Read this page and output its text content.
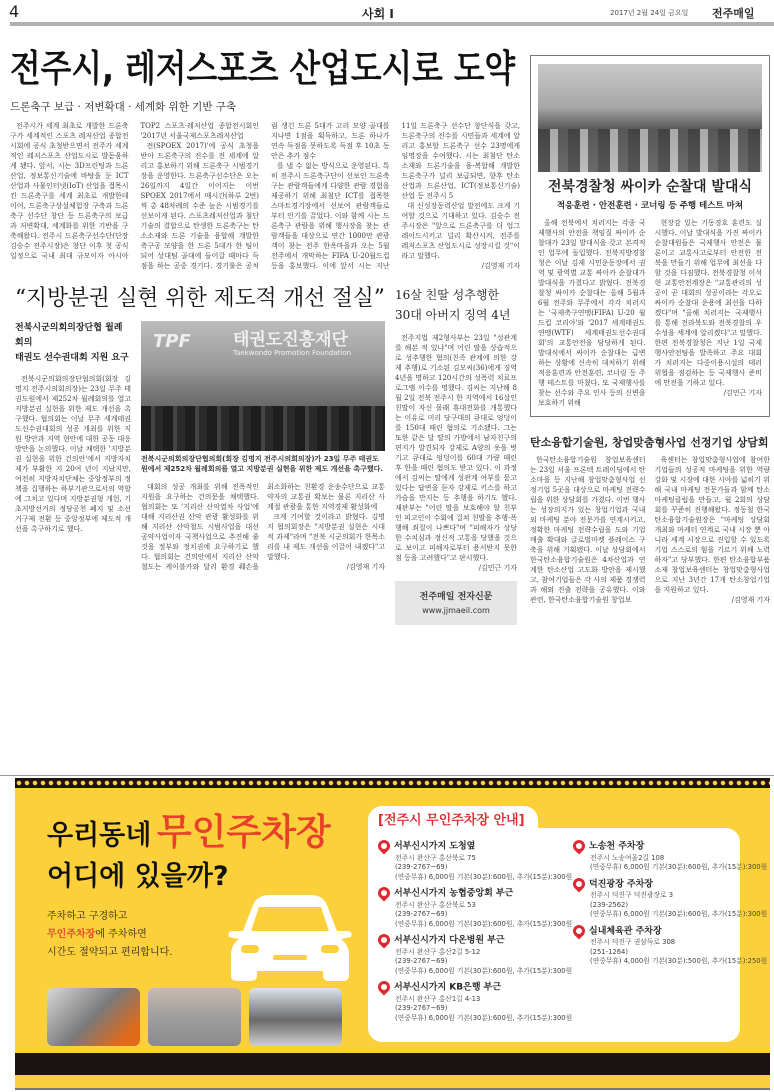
4	사회 I	2017년 2월 24일 금요일 전주매일
전주시, 레저스포츠 산업도시로 도약
드론축구 보급 · 저변확대 · 세계화 위한 기반 구축

전주시가 세계 최초로 개발한 드론축구가 세계적인 스포츠 레저산업 종합전시회에 공식 초청받으면서 전주가 세계적인 레저스포츠 산업도시로 발돋움하게 됐다. 앞서, 시는 3D프린팅과 드론산업, 정보통신기술에 바탕을 둔 ICT산업과 사물인터넷(IoT) 산업을 접목시킨 드론축구를 세계 최초로 개발한데 이어, 드론축구상설체험장 구축과 드론축구 선수단 창단 등 드론축구의 보급과 저변확대, 세계화를 위한 기반을 구축해왔다. 전주시 드론축구선수단(단장 김승수 전주시장)은 창단 이후 첫 공식일정으로 국내 최대 규모이자 아시아 TOP2 스포츠·레저산업 종합전시회인 '2017년 서울국제스포츠레저산업

전(SPOEX 2017)'에 공식 초청을 받아 드론축구의 진수를 전 세계에 알리고 홍보하기 위해 드론축구 시범경기장을 운영한다. 드론축구선수단은 오는 26일까지 4일간 이어지는 이번 SPOEX 2017에서 매시간(하루 2번)씩 총 48차례의 수준 높은 시범경기를 선보이게 된다. 스포츠레저산업과 첨단기술의 결합으로 탄생한 드론축구는 탄소소재와 드론 기술을 융합해 개발한 축구공 모양을 한 드론 5대가 한 팀이 되어 상대팀 골대에 들어갈 때마다 득점을 하는 공중 경기다. 경기룰은 공처럼 생긴 드론 5대가 고리 모양 골대를 지나면 1점을 획득하고, 드론 하나가 연속 득점을 못하도록 득점 후 10초 동안은 추가 점수

를 낼 수 없는 방식으로 운영된다. 특히 전주시 드론축구단이 선보인 드론축구는 관람객들에게 다양한 관람 경험을 제공하기 위해 최첨단 ICT를 접목한 스마트경기장에서 선보여 관람객들로부터 인기를 끌었다. 이와 함께 시는 드론축구 관람을 위해 행사장을 찾는 관람객들을 대상으로 연간 1000만 관광객이 찾는 전주 한옥마을과 오는 5월 전주에서 개막하는 FIFA U-20월드컵 등을 홍보했다. 이에 앞서 시는 지난 11일 드론축구 선수단 창단식을 갖고, 드론축구의 진수를 시민들과 세계에 알리고 홍보할 드론축구 선수 23명에게 임명장을 수여했다. 시는 최첨단 탄소소재와 드론기술을 융·복합해 개발한 드론축구가 널리 보급되면, 향후 탄소산업과 드론산업, ICT(정보통신기술)산업 등 전주시 5

대 신성장동력산업 발전에도 크게 기여할 것으로 기대하고 있다. 김승수 전주시장은 "앞으로 드론축구를 더 업그레이드시키고 널리 확산시켜, 전주를 레저스포츠 산업도시로 성장시킬 것"이라고 말했다.

/김영재 기자
“지방분권 실현 위한 제도적 개선 절실”
전북시군의회의장단협 월례회의
태권도 선수권대회 지원 요구

전북시군의회의장단협의회(회장 김명지 전주시의회의장)는 23일 무주 태권도원에서 제252차 월례회의를 열고 지방분권 실현을 위한 제도 개선을 촉구했다. 협의회는 이날 무주 세계태권도선수권대회의 성공 개최를 위한 지원 방안과 지역 현안에 대한 공동 대응 방안을 논의했다. 이날 채택한 '지방분권 실현을 위한 건의안'에서 지방자치제가 부활한 지 20여 년이 지났지만, 여전히 지방자치단체는 중앙정부의 정책을 집행하는 하부기관으로서의 역할에 그치고 있다며 지방분권형 개헌, 기초지방선거의 정당공천 폐지 및 소선거구제 전환 등 중앙정부에 제도적 개선을 촉구하기로 했다.

TPF 태권도진흥재단
Taekwondo Promotion Foundation
전북시군의회의장단협의회(회장 김명지 전주시의회의장)가 23일 무주 태권도원에서 제252차 월례회의를 열고 지방분권 실현을 위한 제도 개선을 촉구했다.

대회의 성공 개최를 위해 전폭적인 지원을 요구하는 건의문을 채택했다. 협의회는 또 '지리산 산악열차 사업'에 대해 지리산권 산악 관광 활성화를 위해 지리산 산악철도 시범사업을 대선 공약사업이자 국책사업으로 추진해 줄 것을 정부와 정치권에 요구하기로 했다. 협의회는 건의안에서 지리산 산악철도는 케이블카와 달리 환경 훼손을 최소화하는 친환경 운송수단으로 교통약자의 교통권 확보는 물론 지리산 사계절 관광을 통한 지역경제 활성화에

크게 기여할 것이라고 밝혔다. 김명지 협의회장은 "지방분권 실현은 시대적 과제"라며 "전북 시군의회가 한목소리를 내 제도 개선을 이끌어 내겠다"고 말했다.

/김영재 기자
16살 친딸 성추행한
30대 아버지 징역 4년

전주지법 제2형사부는 23일 "성관계를 해본 적 있냐"며 어린 딸을 상습적으로 성추행한 혐의(친족 관계에 의한 강제 추행)로 기소된 김모씨(36)에게 징역 4년을 명하고 120시간의 성폭력 치료프로그램 이수를 명했다. 김씨는 지난해 8월 2일 전북 전주시 한 지역에서 16살인 친딸이 자신 몰래 휴대전화를 개통했다는 이유로 미리 당구대의 큐대로 엉덩이를 150대 때린 혐의로 기소됐다. 그는 또한 같은 달 딸의 가방에서 남자친구의 편지가 발견되자 강제로 A양의 옷을 벗기고 큐대로 엉덩이를 60대 가량 때린 후 한을 때린 혐의도 받고 있다. 이 과정에서 김씨는 딸에게 성관계 여부를 묻고 있다는 답변을 듣자 강제로 키스를 하고 가슴을 만지는 등 추행을 하기도 했다. 재판부는 "어린 딸을 보호해야 할 친부인 피고인이 수회에 걸쳐 친딸을 추행·폭행해 죄질이 나쁘다"며 "피해자가 상당한 수치심과 정신적 고통을 당했을 것으로 보이고 피해자로부터 용서받지 못한 점 등을 고려했다"고 판시했다.

/김민근 기자
전주매일 전자신문
www.jjmaeil.com
전북경찰청 싸이카 순찰대 발대식
적응훈련 · 안전훈련 · 코너링 등 주행 테스트 마쳐

올해 전북에서 치러지는 각종 국제행사의 안전을 책임질 싸이카 순찰대가 23일 발대식을 갖고 본격적인 업무에 돌입했다. 전북지방경찰청은 이날 김제 시민운동장에서 권역 및 광역별 교통 싸이카 순찰대가 발대식을 가졌다고 밝혔다. 전북경찰청 싸이카 순찰대는 올해 5월과 6월 전주와 무주에서 각각 치러지는 '국제축구연맹(FIFA) U-20 월드컵 코리아'와 '2017 세계태권도연맹(WTF) 세계태권도선수권대회'의 교통안전을 담당하게 된다. 발대식에서 싸이카 순찰대는 급변하는 상황에 신속히 대처하기 위해 적응훈련과 안전훈련, 코너링 등 주행 테스트를 마쳤다. 또 국제행사를 찾는 선수와 주요 인사 등의 신변을 보호하기 위해

현장감 있는 기동경호 훈련도 실시했다. 이날 발대식을 가진 싸이카 순찰대원들은 국제행사 안전은 물론이고 교통사고로부터 안전한 전북을 만들기 위해 업무에 최선을 다할 것을 다짐했다. 전북경찰청 이석현 교통안전계장은 "교통관리의 성공이 곧 대회의 성공이라는 각오로 싸이카 순찰대 운용에 최선을 다하겠다"며 "올해 치러지는 국제행사를 통해 전라북도와 전북경찰의 우수성을 세계에 알리겠다"고 말했다. 한편 전북경찰청은 지난 1일 국제행사안전팀을 발족하고 주요 대회가 치러지는 다중이용시설의 테러 위협을 점검하는 등 국제행사 준비에 만전을 기하고 있다.

/김민근 기자
탄소융합기술원, 창업맞춤형사업 선정기업 상담회

한국탄소융합기술원 창업보육센터는 23일 서울 프론텍 트레이딩에서 탄소마을 등 지난해 창업맞춤형사업 선정기업 5곳을 대상으로 마케팅 전략수립을 위한 상담회를 가졌다. 이번 행사는 성장의지가 있는 창업기업과 국내외 마케팅 분야 전문가를 연계시키고, 정확한 마케팅 전략수립을 도와 기업 매출 확대와 글로벌마켓 플레이스 구축을 위해 기획됐다. 이날 상담회에서 한국탄소융합기술원은 4차산업과 연계한 탄소산업 고도화 방안을 제시했고, 참여기업들은 각 사의 제품 경쟁력과 해외 진출 전략을 공유했다. 이와 관련, 한국탄소융합기술원 창업보

육센터는 창업맞춤형사업에 참여한 기업들의 성공적 마케팅을 위한 역량 강화 및 시장에 대한 시야를 넓히기 위해 국내 마케팅 전문가들과 함께 탄소마케팅클럽을 만들고, 월 2회의 상담회를 꾸준히 진행해왔다. 정동철 한국탄소융합기술원장은 "마케팅 상담회 개최와 마케터 연계로 국내 시장 뿐 아니라 세계 시장으로 진입할 수 있도록 기업 스스로의 힘을 기르기 위해 노력하자"고 당부했다. 한편 탄소융합부품소재 창업보육센터는 창업맞춤형사업으로 지난 3년간 17개 탄소창업기업을 지원하고 있다.

/김영재 기자
우리동네 무인주차장
어디에 있을까?
주차하고 구경하고
무인주차장에 주차하면
시간도 절약되고 편리합니다.
[전주시 무인주차장 안내]
서부신시가지 도청옆
전주시 완산구 홍산북로 75
(239-2767~69)
(연중무휴) 6,000원 기본(30분):600원, 추가(15분):300원
서부신시가지 농협중앙회 부근
전주시 완산구 홍산북로 53
(239-2767~69)
(연중무휴) 6,000원 기본(30분):600원, 추가(15분):300원
서부신시가지 다온병원 부근
전주시 완산구 홍산2길 5-12
(239-2767~69)
(연중무휴) 6,000원 기본(30분):600원, 추가(15분):300원
서부신시가지 KB은행 부근
전주시 완산구 홍산1길 4-13
(239-2767~69)
(연중무휴) 6,000원 기본(30분):600원, 추가(15분):300원
노송천 주차장
전주시 노송여울2길 108
(연중무휴) 6,000원 기본(30분):600원, 추가(15분):300원
덕진광장 주차장
전주시 덕진구 덕진광장로 3
(239-2562)
(연중무휴) 6,000원 기본(30분):600원, 추가(15분):300원
실내체육관 주차장
전주시 덕진구 권삼득로 308
(251-1264)
(연중무휴) 4,000원 기본(30분):500원, 추가(15분):250원
